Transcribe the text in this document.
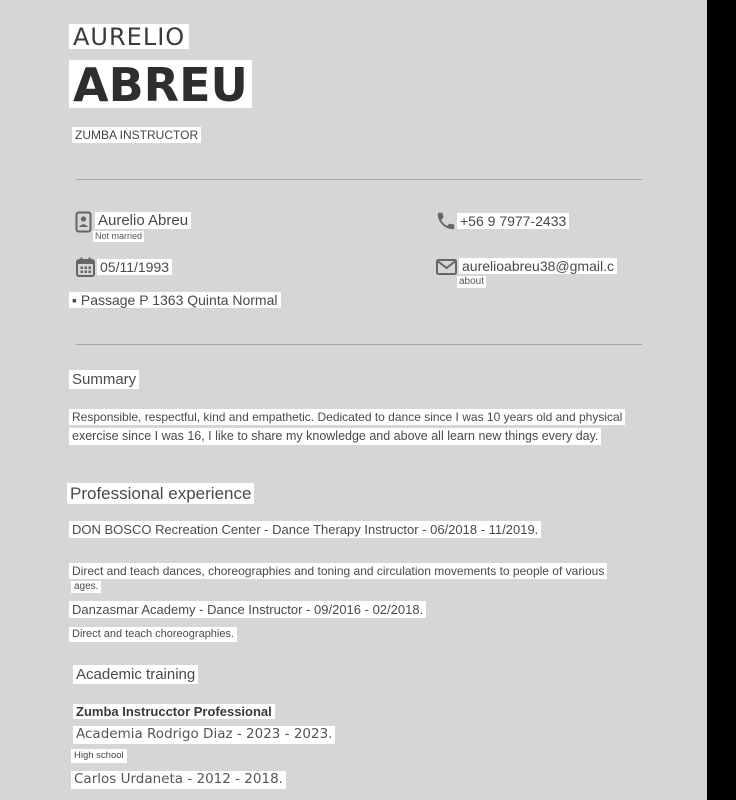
AURELIO
ABREU
ZUMBA INSTRUCTOR
Aurelio Abreu
Not married
+56 9 7977-2433
05/11/1993	aurelioabreu38@gmail.c
about
▪ Passage P 1363 Quinta Normal
Summary
Responsible, respectful, kind and empathetic. Dedicated to dance since I was 10 years old and physical
exercise since I was 16, I like to share my knowledge and above all learn new things every day.
Professional experience
DON BOSCO Recreation Center - Dance Therapy Instructor - 06/2018 - 11/2019.
Direct and teach dances, choreographies and toning and circulation movements to people of various
ages.
Danzasmar Academy - Dance Instructor - 09/2016 - 02/2018.
Direct and teach choreographies.
Academic training
Zumba Instrucctor Professional
Academia Rodrigo Diaz - 2023 - 2023.
High school
Carlos Urdaneta - 2012 - 2018.
